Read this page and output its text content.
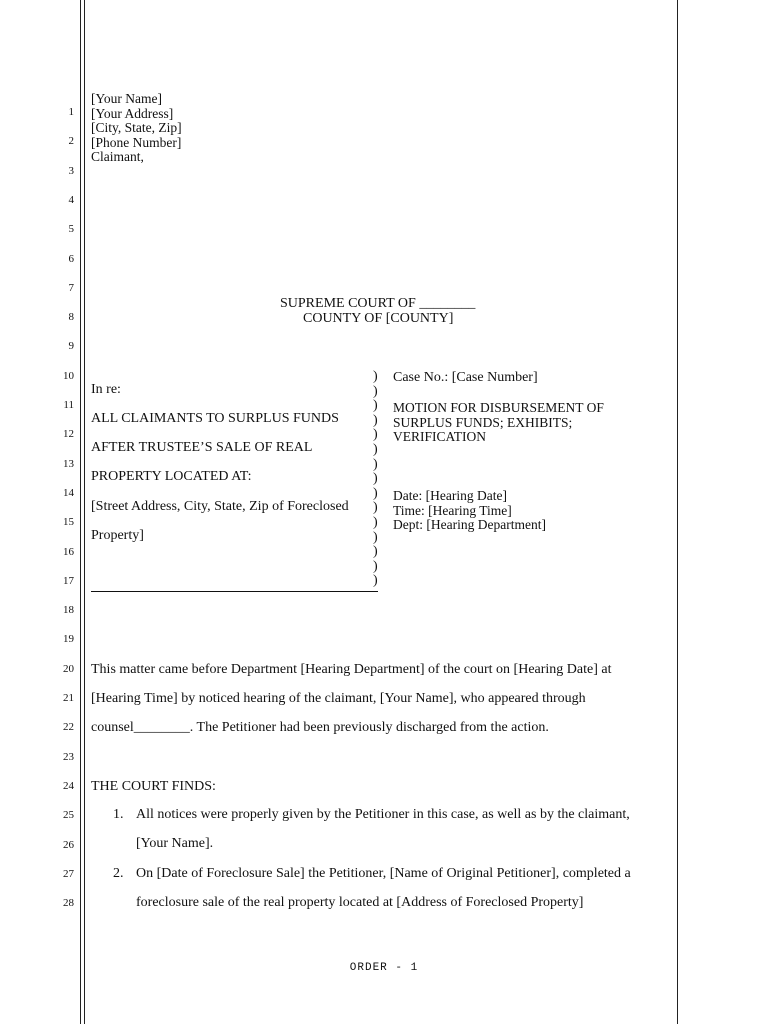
1
2
3
4
5
6
7
8
9
10
11
12
13
14
15
16
17
18
19
20
21
22
23
24
25
26
27
28
[Your Name]
[Your Address]
[City, State, Zip]
[Phone Number]
Claimant,
SUPREME COURT OF ________
COUNTY OF [COUNTY]
In re:
ALL CLAIMANTS TO SURPLUS FUNDS
AFTER TRUSTEE’S SALE OF REAL
PROPERTY LOCATED AT:
[Street Address, City, State, Zip of Foreclosed
Property]
)
)
)
)
)
)
)
)
)
)
)
)
)
)
)
Case No.: [Case Number]
MOTION FOR DISBURSEMENT OF
SURPLUS FUNDS; EXHIBITS;
VERIFICATION
Date: [Hearing Date]
Time: [Hearing Time]
Dept: [Hearing Department]
This matter came before Department [Hearing Department] of the court on [Hearing Date] at
[Hearing Time] by noticed hearing of the claimant, [Your Name], who appeared through
counsel________. The Petitioner had been previously discharged from the action.
THE COURT FINDS:
1. All notices were properly given by the Petitioner in this case, as well as by the claimant,
[Your Name].
2. On [Date of Foreclosure Sale] the Petitioner, [Name of Original Petitioner], completed a
foreclosure sale of the real property located at [Address of Foreclosed Property]
ORDER - 1
